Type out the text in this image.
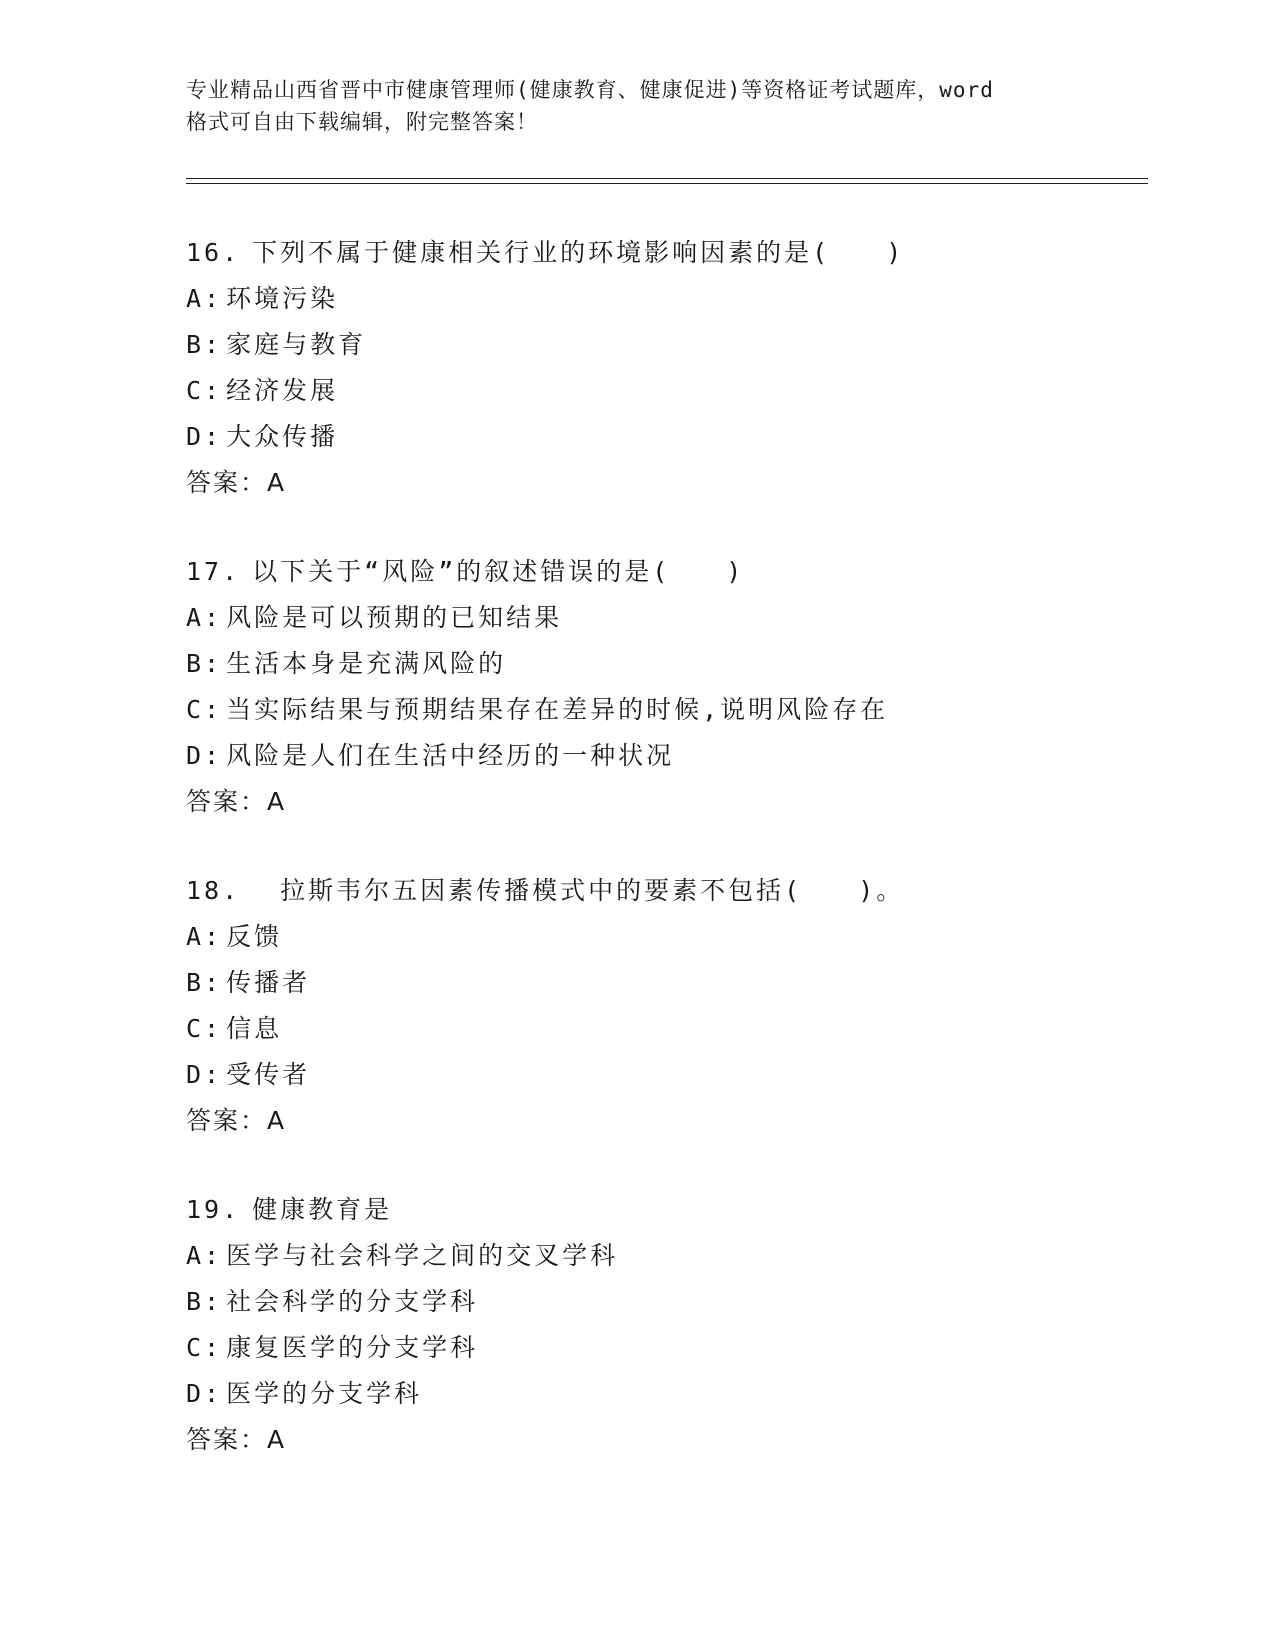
专业精品山西省晋中市健康管理师(健康教育、健康促进)等资格证考试题库，word
格式可自由下载编辑，附完整答案！
16. 下列不属于健康相关行业的环境影响因素的是(　　)
A: 环境污染
B: 家庭与教育
C: 经济发展
D: 大众传播
答案：A
17. 以下关于“风险”的叙述错误的是(　　)
A: 风险是可以预期的已知结果
B: 生活本身是充满风险的
C: 当实际结果与预期结果存在差异的时候,说明风险存在
D: 风险是人们在生活中经历的一种状况
答案：A
18.　拉斯韦尔五因素传播模式中的要素不包括(　　)。
A: 反馈
B: 传播者
C: 信息
D: 受传者
答案：A
19. 健康教育是
A: 医学与社会科学之间的交叉学科
B: 社会科学的分支学科
C: 康复医学的分支学科
D: 医学的分支学科
答案：A
